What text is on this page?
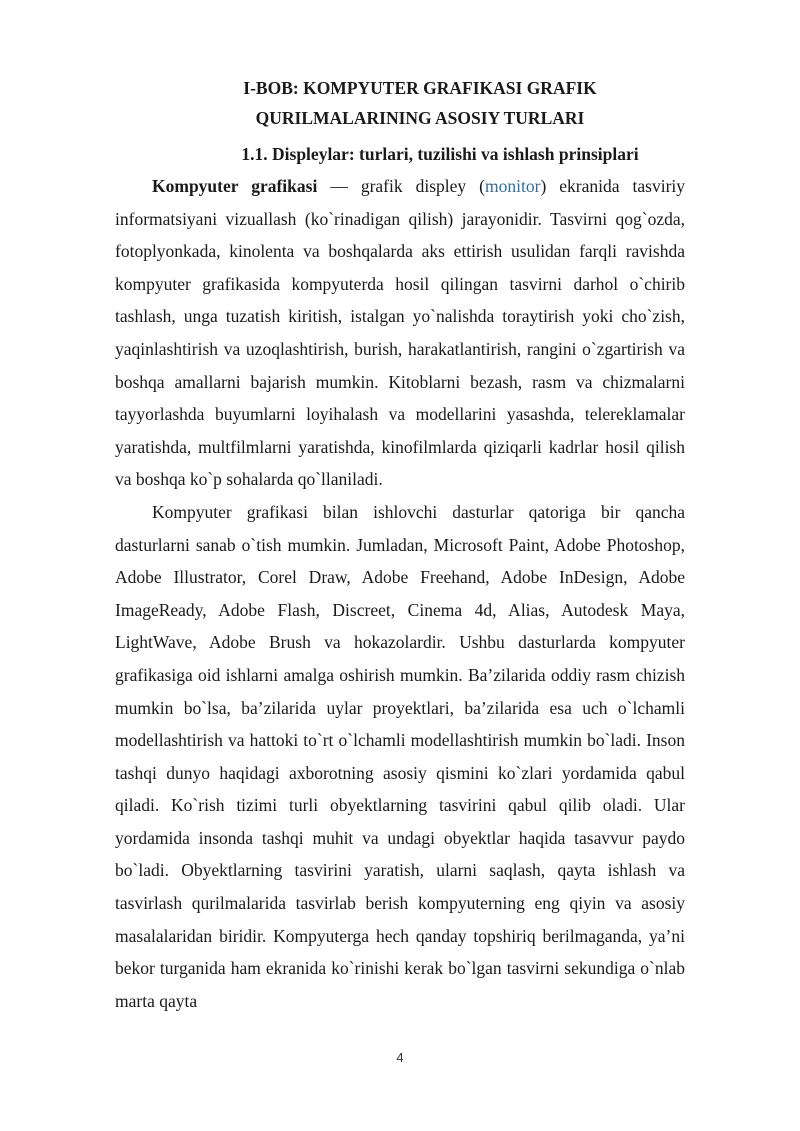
I-BOB: KOMPYUTER GRAFIKASI GRAFIK QURILMALARINING ASOSIY TURLARI
1.1. Displeylar: turlari, tuzilishi va ishlash prinsiplari

Kompyuter grafikasi — grafik displey (monitor) ekranida tasviriy informatsiyani vizuallash (ko`rinadigan qilish) jarayonidir. Tasvirni qog`ozda, fotoplyonkada, kinolenta va boshqalarda aks ettirish usulidan farqli ravishda kompyuter grafikasida kompyuterda hosil qilingan tasvirni darhol o`chirib tashlash, unga tuzatish kiritish, istalgan yo`nalishda toraytirish yoki cho`zish, yaqinlashtirish va uzoqlashtirish, burish, harakatlantirish, rangini o`zgartirish va boshqa amallarni bajarish mumkin. Kitoblarni bezash, rasm va chizmalarni tayyorlashda buyumlarni loyihalash va modellarini yasashda, telereklamalar yaratishda, multfilmlarni yaratishda, kinofilmlarda qiziqarli kadrlar hosil qilish va boshqa ko`p sohalarda qo`llaniladi.

Kompyuter grafikasi bilan ishlovchi dasturlar qatoriga bir qancha dasturlarni sanab o`tish mumkin. Jumladan, Microsoft Paint, Adobe Photoshop, Adobe Illustrator, Corel Draw, Adobe Freehand, Adobe InDesign, Adobe ImageReady, Adobe Flash, Discreet, Cinema 4d, Alias, Autodesk Maya, LightWave, Adobe Brush va hokazolardir. Ushbu dasturlarda kompyuter grafikasiga oid ishlarni amalga oshirish mumkin. Ba’zilarida oddiy rasm chizish mumkin bo`lsa, ba’zilarida uylar proyektlari, ba’zilarida esa uch o`lchamli modellashtirish va hattoki to`rt o`lchamli modellashtirish mumkin bo`ladi. Inson tashqi dunyo haqidagi axborotning asosiy qismini ko`zlari yordamida qabul qiladi. Ko`rish tizimi turli obyektlarning tasvirini qabul qilib oladi. Ular yordamida insonda tashqi muhit va undagi obyektlar haqida tasavvur paydo bo`ladi. Obyektlarning tasvirini yaratish, ularni saqlash, qayta ishlash va tasvirlash qurilmalarida tasvirlab berish kompyuterning eng qiyin va asosiy masalalaridan biridir. Kompyuterga hech qanday topshiriq berilmaganda, ya’ni bekor turganida ham ekranida ko`rinishi kerak bo`lgan tasvirni sekundiga o`nlab marta qayta

4
